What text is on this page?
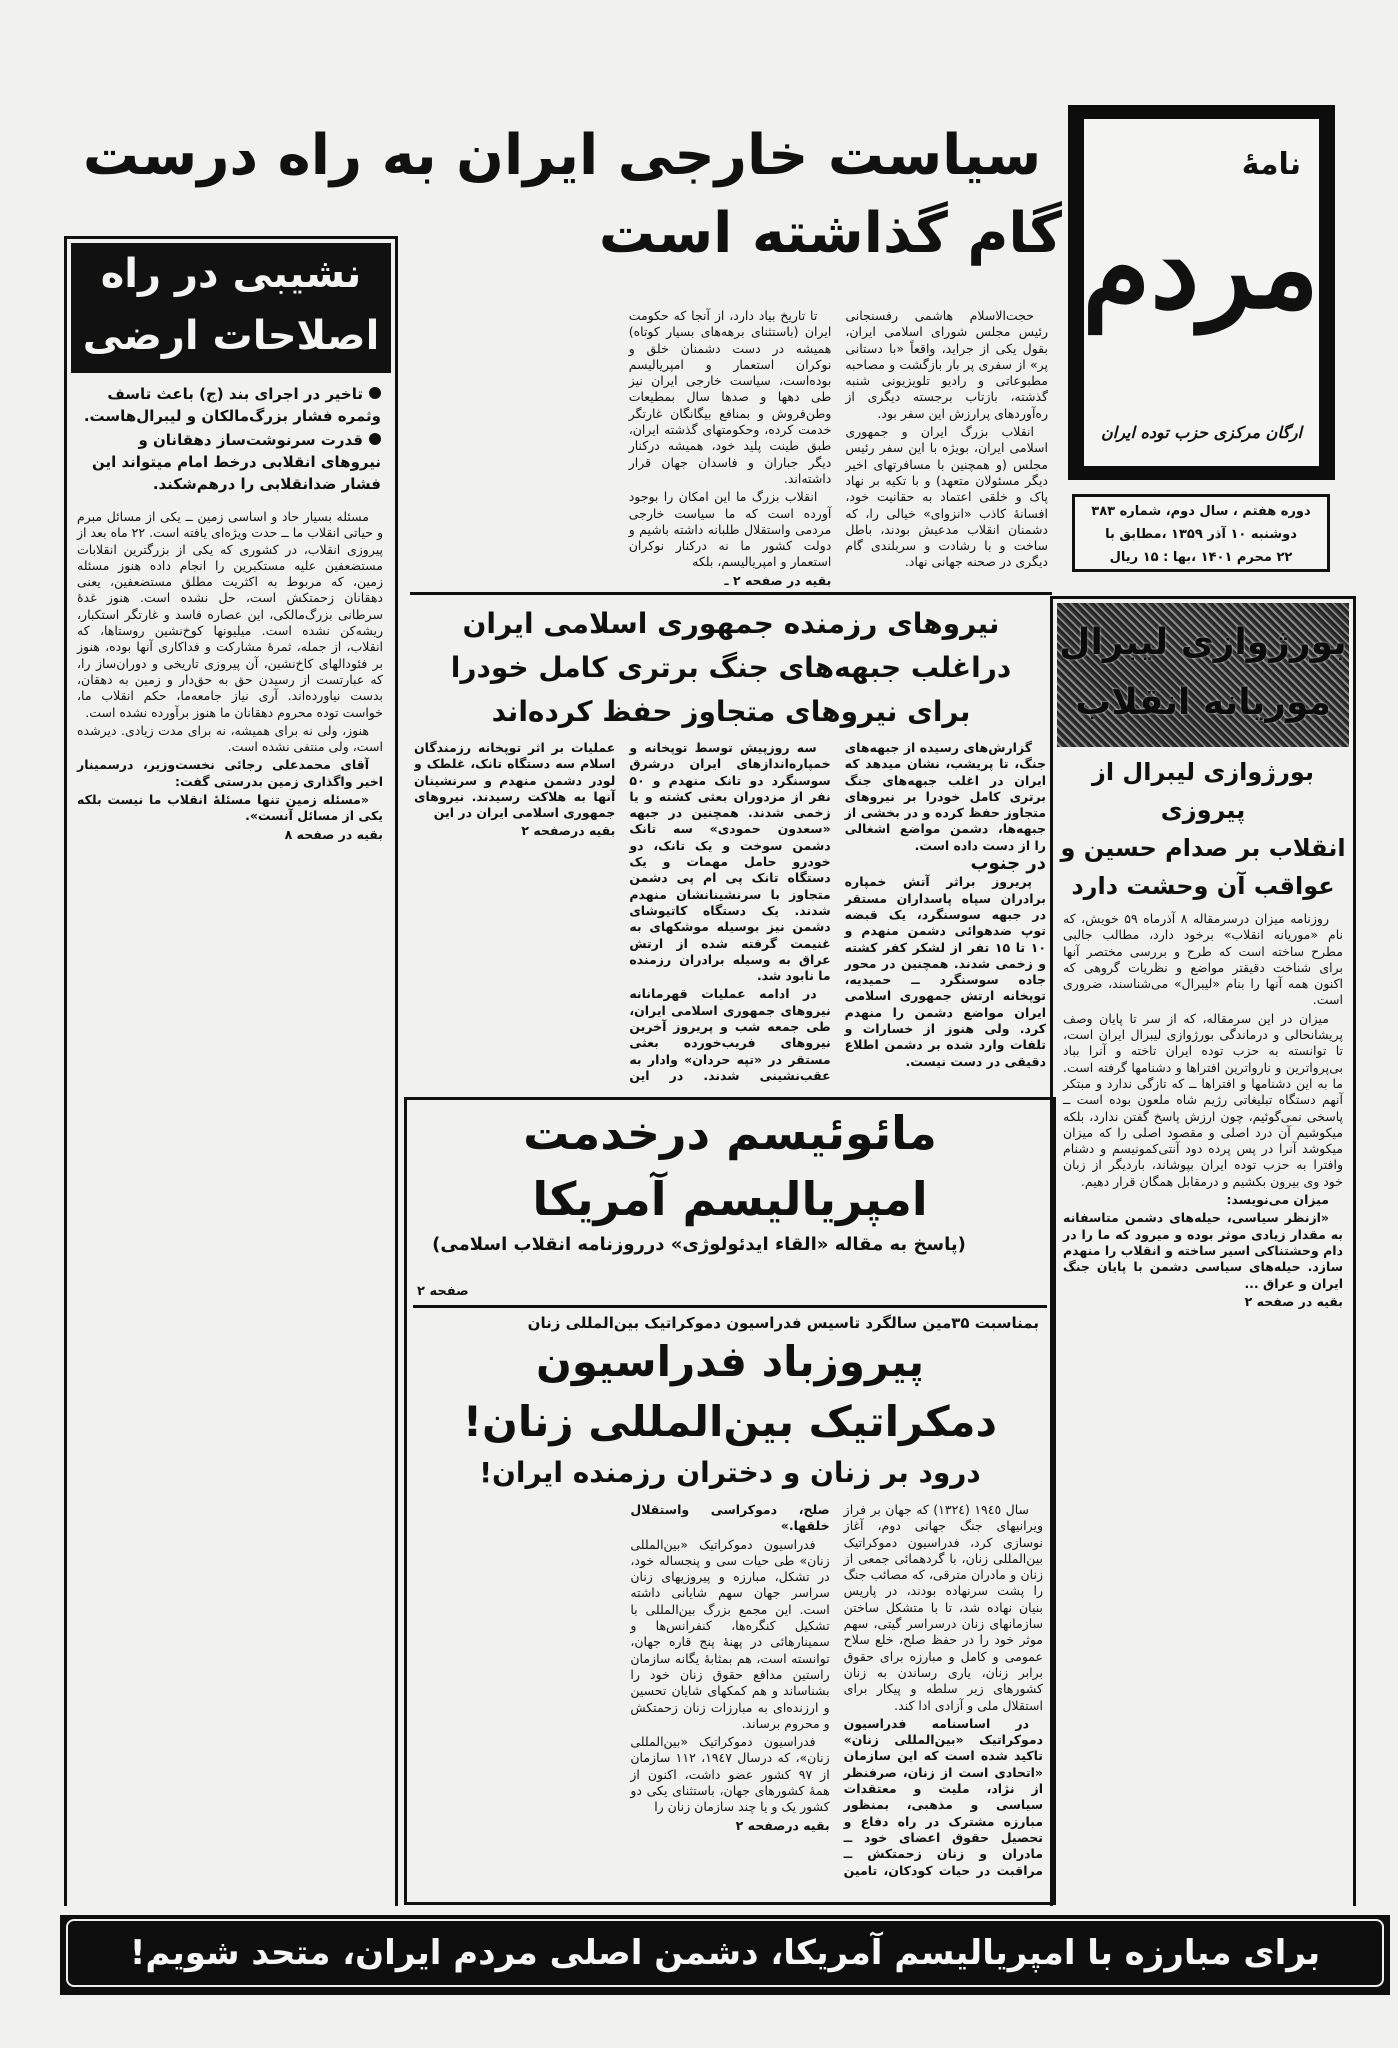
سیاست خارجی ایران به راه درست
گام گذاشته است
نامهٔ
مردم
ارگان مرکزی حزب توده ایران
دوره هفتم ، سال دوم، شماره ۳۸۳
دوشنبه ۱۰ آذر ۱۳۵۹ ،مطابق با
۲۲ محرم ۱۴۰۱ ،بها : ۱۵ ریال
نشیبی در راه
اصلاحات ارضی
تاخیر در اجرای بند (ج) باعث تاسف وثمره فشار بزرگ‌مالکان و لیبرال‌هاست.
قدرت سرنوشت‌ساز دهقانان و نیروهای انقلابی درخط امام میتواند این فشار ضدانقلابی را درهم‌شکند.

مسئله بسیار حاد و اساسی زمین ــ یکی از مسائل مبرم و حیاتی انقلاب ما ــ حدت ویژه‌ای یافته است. ۲۲ ماه بعد از پیروزی انقلاب، در کشوری که یکی از بزرگترین انقلابات مستضعفین علیه مستکبرین را انجام داده هنوز مسئله زمین، که مربوط به اکثریت مطلق مستضعفین، یعنی دهقانان زحمتکش است، حل نشده است. هنوز غدهٔ سرطانی بزرگ‌مالکی، این عصاره فاسد و غارتگر استکبار، ریشه‌کن نشده است. میلیونها کوخ‌نشین روستاها، که انقلاب، از جمله، ثمرهٔ مشارکت و فداکاری آنها بوده، هنوز بر فئودالهای کاخ‌نشین، آن پیروزی تاریخی و دوران‌ساز را، که عبارتست از رسیدن حق به حق‌دار و زمین به دهقان، بدست نیاورده‌اند. آری نیاز جامعه‌ما، حکم انقلاب ما، خواست توده محروم دهقانان ما هنوز برآورده نشده است.

هنوز، ولی نه برای همیشه، نه برای مدت زیادی. دیرشده است، ولی منتفی نشده است.

آقای محمدعلی رجائی نخست‌وزیر، درسمینار اخیر واگذاری زمین بدرستی گفت:

«مسئله زمین تنها مسئلهٔ انقلاب ما نیست بلکه یکی از مسائل آنست».

بقیه در صفحه ۸

حجت‌الاسلام هاشمی رفسنجانی رئیس مجلس شورای اسلامی ایران، بقول یکی از جراید، واقعاً «با دستانی پر» از سفری پر بار بازگشت و مصاحبه مطبوعاتی و رادیو تلویزیونی شنبه گذشته، بازتاب برجسته دیگری از ره‌آوردهای پرارزش این سفر بود.

انقلاب بزرگ ایران و جمهوری اسلامی ایران، بویژه با این سفر رئیس مجلس (و همچنین با مسافرتهای اخیر دیگر مسئولان متعهد) و با تکیه بر نهاد پاک و خلقی اعتماد به حقانیت خود، افسانهٔ کاذب «انزوای» خیالی را، که دشمنان انقلاب مدعیش بودند، باطل ساخت و با رشادت و سربلندی گام دیگری در صحنه جهانی نهاد.

تا تاریخ بیاد دارد، از آنجا که حکومت ایران (باستثنای برهه‌های بسیار کوتاه) همیشه در دست دشمنان خلق و نوکران استعمار و امپریالیسم بوده‌است، سیاست خارجی ایران نیز طی دهها و صدها سال بمطیعات وطن‌فروش و بمنافع بیگانگان غارتگر خدمت کرده، وحکومتهای گذشته ایران، طبق طینت پلید خود، همیشه درکنار دیگر جباران و فاسدان جهان قرار داشته‌اند.

انقلاب بزرگ ما این امکان را بوجود آورده است که ما سیاست خارجی مردمی واستقلال طلبانه داشته باشیم و دولت کشور ما نه درکنار نوکران استعمار و امپریالیسم، بلکه

بقیه در صفحه ۲ ـ
نیروهای رزمنده جمهوری اسلامی ایران
دراغلب جبهه‌های جنگ برتری کامل خودرا
برای نیروهای متجاوز حفظ کرده‌اند

گزارش‌های رسیده از جبهه‌های جنگ، تا پریشب، نشان میدهد که ایران در اغلب جبهه‌های جنگ برتری کامل خودرا بر نیروهای متجاوز حفظ کرده و در بخشی از جبهه‌ها، دشمن مواضع اشغالی را از دست داده است.

در جنوب

پریروز براثر آتش خمپاره برادران سپاه پاسداران مستقر در جبهه سوسنگرد، یک قبضه توپ ضدهوائی دشمن منهدم و ۱۰ تا ۱۵ تفر از لشکر کفر کشته و زخمی شدند. همچنین در محور جاده سوسنگرد ــ حمیدیه، توپخانه ارتش جمهوری اسلامی ایران مواضع دشمن را منهدم کرد. ولی هنوز از خسارات و تلفات وارد شده بر دشمن اطلاع دقیقی در دست نیست.

سه روزپیش توسط توپخانه و خمپاره‌اندازهای ایران درشرق سوسنگرد دو تانک منهدم و ۵۰ نفر از مزدوران بعثی کشته و یا زخمی شدند. همچنین در جبهه «سعدون حمودی» سه تانک دشمن سوخت و یک تانک، دو خودرو حامل مهمات و یک دستگاه تانک پی ام پی دشمن متجاوز با سرنشینانشان منهدم شدند. یک دستگاه کاتیوشای دشمن نیز بوسیله موشکهای به غنیمت گرفته شده از ارتش عراق به وسیله برادران رزمنده ما نابود شد.

در ادامه عملیات قهرمانانه نیروهای جمهوری اسلامی ایران، طی جمعه شب و پریروز آخرین نیروهای فریب‌خورده بعثی مستقر در «تپه حردان» وادار به عقب‌نشینی شدند. در این عملیات بر اثر توپخانه رزمندگان اسلام سه دستگاه تانک، غلطک و لودر دشمن منهدم و سرنشینان آنها به هلاکت رسیدند. نیروهای جمهوری اسلامی ایران در این

بقیه درصفحه ۲
مائوئیسم درخدمت
امپریالیسم آمریکا
(پاسخ به مقاله «القاء ایدئولوژی» درروزنامه انقلاب اسلامی)
صفحه ۲
بمناسبت ۳۵مین سالگرد تاسیس فدراسیون دموکراتیک بین‌المللی زنان
پیروزباد فدراسیون
دمکراتیک بین‌المللی زنان!
درود بر زنان و دختران رزمنده ایران!

سال ۱۹٤٥ (۱۳۲٤) که جهان بر فراز ویرانیهای جنگ جهانی دوم، آغاز نوسازی کرد، فدراسیون دموکراتیک بین‌المللی زنان، با گردهمائی جمعی از زنان و مادران مترقی، که مصائب جنگ را پشت سرنهاده بودند، در پاریس بنیان نهاده شد، تا با متشکل ساختن سازمانهای زنان درسراسر گیتی، سهم موثر خود را در حفظ صلح، خلع سلاح عمومی و کامل و مبارزه برای حقوق برابر زنان، یاری رساندن به زنان کشورهای زیر سلطه و پیکار برای استقلال ملی و آزادی ادا کند.

در اساسنامه فدراسیون دموکراتیک «بین‌المللی زنان» تاکید شده است که این سازمان «اتحادی است از زنان، صرفنظر از نژاد، ملیت و معتقدات سیاسی و مذهبی، بمنظور مبارزه مشترک در راه دفاع و تحصیل حقوق اعضای خود ــ مادران و زنان زحمتکش ــ مراقبت در حیات کودکان، تامین صلح، دموکراسی واستقلال خلقها.»

فدراسیون دموکراتیک «بین‌المللی زنان» طی حیات سی و پنجساله خود، در تشکل، مبارزه و پیروزیهای زنان سراسر جهان سهم شایانی داشته است. این مجمع بزرگ بین‌المللی با تشکیل کنگره‌ها، کنفرانس‌ها و سمینارهائی در پهنهٔ پنج قاره جهان، توانسته است، هم بمثابهٔ یگانه سازمان راستین مدافع حقوق زنان خود را بشناساند و هم کمکهای شایان تحسین و ارزنده‌ای به مبارزات زنان زحمتکش و محروم برساند.

فدراسیون دموکراتیک «بین‌المللی زنان»، که درسال ۱۹٤۷، ۱۱۲ سازمان از ۹۷ کشور عضو داشت، اکنون از همهٔ کشورهای جهان، باستثنای یکی دو کشور یک و یا چند سازمان زنان را

بقیه درصفحه ۲
بورژوازی لیبرال
موریانه انقلاب
بورژوازی لیبرال از پیروزی
انقلاب بر صدام حسین و
عواقب آن وحشت دارد

روزنامه میزان درسرمقاله ۸ آذرماه ۵۹ خویش، که نام «موریانه انقلاب» برخود دارد، مطالب جالبی مطرح ساخته است که طرح و بررسی مختصر آنها برای شناخت دقیقتر مواضع و نظریات گروهی که اکنون همه آنها را بنام «لیبرال» می‌شناسند، ضروری است.

میزان در این سرمقاله، که از سر تا پایان وصف پریشانحالی و درماندگی بورژوازی لیبرال ایران است، تا توانسته به حزب توده ایران تاخته و آنرا بباد بی‌پرواترین و نارواترین افتراها و دشنامها گرفته است. ما به این دشنامها و افتراها ــ که تازگی ندارد و مبتکر آنهم دستگاه تبلیغاتی رژیم شاه ملعون بوده است ــ پاسخی نمی‌گوئیم، چون ارزش پاسخ گفتن ندارد، بلکه میکوشیم آن درد اصلی و مقصود اصلی را که میزان میکوشد آنرا در پس پرده دود آنتی‌کمونیسم و دشنام وافترا به حزب توده ایران بپوشاند، باردیگر از زبان خود وی بیرون بکشیم و درمقابل همگان قرار دهیم.

میزان می‌نویسد:

«ازنظر سیاسی، حیله‌های دشمن متاسفانه به مقدار زیادی موثر بوده و میرود که ما را در دام وحشتناکی اسیر ساخته و انقلاب را منهدم سازد. حیله‌های سیاسی دشمن با پایان جنگ ایران و عراق ...

بقیه در صفحه ۲
برای مبارزه با امپریالیسم آمریکا، دشمن اصلی مردم ایران، متحد شویم!
